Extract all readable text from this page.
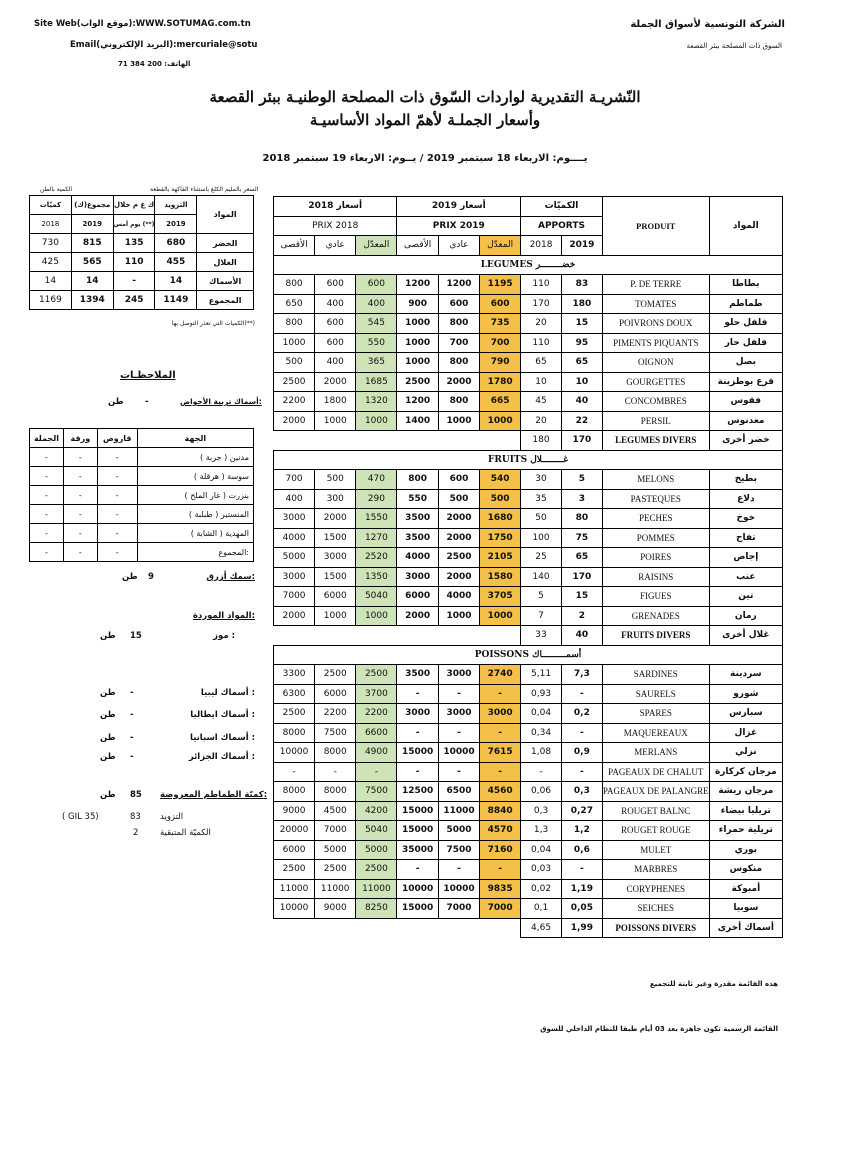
الشركة التونسية لأسواق الجملة
السوق ذات المصلحة ببئر القصعة
Site Web(موقع الواب):WWW.SOTUMAG.com.tn
Email(البريد الإلكتروني):mercuriale@sotu
الهاتف: 200 384 71
النّشريـة التقديرية لواردات السّوق ذات المصلحة الوطنيـة ببئر القصعة
وأسعار الجملـة لأهمّ المواد الأساسيـة
يــــوم: الاربعاء 18 سبتمبر 2019 / يــوم: الاربعاء 19 سبتمبر 2018
أسعار 2018			أسعار 2019			الكميّات		PRODUIT	المواد
PRIX 2018			PRIX 2019			APPORTS			
الأقصى	عادي	المعدّل	الأقصى	عادي	المعدّل	2018	2019		
LEGUMES خضــــــــر									
800	600	600	1200	1200	1195	110	83	P. DE TERRE	بطاطا
650	400	400	900	600	600	170	180	TOMATES	طماطم
800	600	545	1000	800	735	20	15	POIVRONS DOUX	فلفل حلو
1000	600	550	1000	700	700	110	95	PIMENTS PIQUANTS	فلفل حار
500	400	365	1000	800	790	65	65	OIGNON	بصل
2500	2000	1685	2500	2000	1780	10	10	GOURGETTES	قرع بوطزينة
2200	1800	1320	1200	800	665	45	40	CONCOMBRES	فقوس
2000	1000	1000	1400	1000	1000	20	22	PERSIL	معدنوس
						180	170	LEGUMES DIVERS	خضر أخرى
FRUITS غــــــــلال									
700	500	470	800	600	540	30	5	MELONS	بطيخ
400	300	290	550	500	500	35	3	PASTEQUES	دلاع
3000	2000	1550	3500	2000	1680	50	80	PECHES	خوخ
4000	1500	1270	3500	2000	1750	100	75	POMMES	تفاح
5000	3000	2520	4000	2500	2105	25	65	POIRES	إجاص
3000	1500	1350	3000	2000	1580	140	170	RAISINS	عنب
7000	6000	5040	6000	4000	3705	5	15	FIGUES	تين
2000	1000	1000	2000	1000	1000	7	2	GRENADES	رمان
						33	40	FRUITS DIVERS	غلال أخرى
POISSONS أسمـــــــــاك									
3300	2500	2500	3500	3000	2740	5,11	7,3	SARDINES	سردينة
6300	6000	3700	-	-	-	0,93	-	SAURELS	شورو
2500	2200	2200	3000	3000	3000	0,04	0,2	SPARES	سبارس
8000	7500	6600	-	-	-	0,34	-	MAQUEREAUX	غزال
10000	8000	4900	15000	10000	7615	1,08	0,9	MERLANS	نزلي
-	-	-	-	-	-	-	-	PAGEAUX DE CHALUT	مرجان كركارة
8000	8000	7500	12500	6500	4560	0,06	0,3	PAGEAUX DE PALANGRE	مرجان ريشة
9000	4500	4200	15000	11000	8840	0,3	0,27	ROUGET BALNC	تريليا بيضاء
20000	7000	5040	15000	5000	4570	1,3	1,2	ROUGET ROUGE	تريلية حمراء
6000	5000	5000	35000	7500	7160	0,04	0,6	MULET	بوري
2500	2500	2500	-	-	-	0,03	-	MARBRES	منكوس
11000	11000	11000	10000	10000	9835	0,02	1,19	CORYPHENES	أمبوكة
10000	9000	8250	15000	7000	7000	0,1	0,05	SEICHES	سوبيا
						4,65	1,99	POISSONS DIVERS	أسماك أخرى
هذه القائمة مقدرة وغير ثابتة للتجميع
القائمة الرسمية تكون جاهزة بعد 03 أيام طبقا للنظام الداخلي للسوق
الكمية بالطن	السعر بالمليم الكلغ باستثناء الفاكهة بالقطعة
كميّات	مجموع(ك)	ك غ م خلال	التزويد	المواد
2018	2019	يوم أمس (**)	2019	
730	815	135	680	الخضر
425	565	110	455	الغلال
14	14	-	14	الأسماك
1169	1394	245	1149	المجموع
الكميات التي تعذر التوصل بها(**)
الملاحظـات
أسماك تربية الأحواض:
-
طن
الجملة	ورقة	قاروص	الجهة
-	-	-	مدنين ( جربة )
-	-	-	سوسة ( هرقلة )
-	-	-	بنزرت ( غار الملح )
-	-	-	المنستير ( طبلبة )
-	-	-	المهدية ( الشابة )
-	-	-	المجموع:
سمك أزرق:
9
طن
المواد الموردة:
موز :
15
طن
أسماك ليبيا :
-
طن
أسماك ايطاليا :
-
طن
أسماك اسبانيا :
-
طن
أسماك الجزائر :
-
طن
كميّة الطماطم المعروضة:
85
طن
التزويد
83
( GIL 35)
الكميّة المتبقية
2
